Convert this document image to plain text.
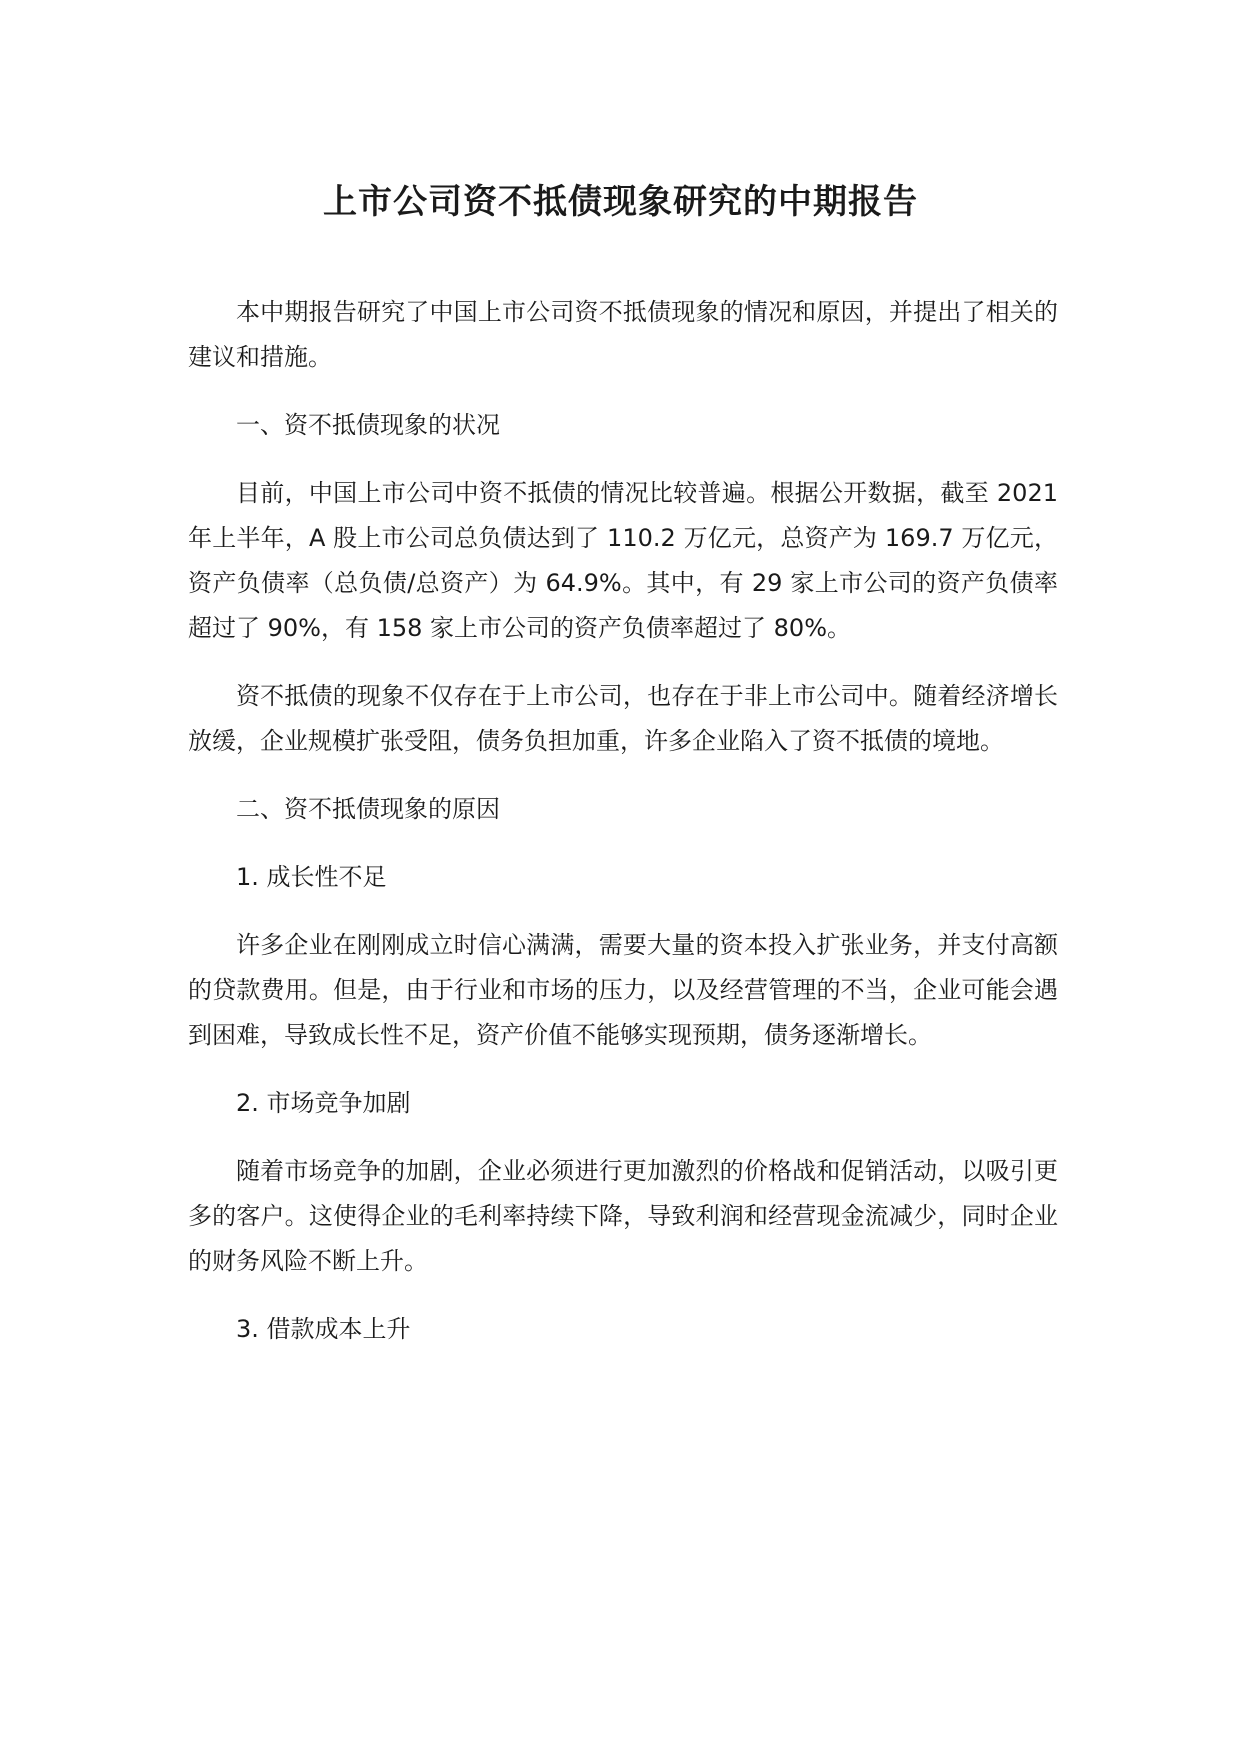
上市公司资不抵债现象研究的中期报告

本中期报告研究了中国上市公司资不抵债现象的情况和原因，并提出了相关的建议和措施。

一、资不抵债现象的状况

目前，中国上市公司中资不抵债的情况比较普遍。根据公开数据，截至 2021 年上半年，A 股上市公司总负债达到了 110.2 万亿元，总资产为 169.7 万亿元，资产负债率（总负债/总资产）为 64.9%。其中，有 29 家上市公司的资产负债率超过了 90%，有 158 家上市公司的资产负债率超过了 80%。

资不抵债的现象不仅存在于上市公司，也存在于非上市公司中。随着经济增长放缓，企业规模扩张受阻，债务负担加重，许多企业陷入了资不抵债的境地。

二、资不抵债现象的原因

1. 成长性不足

许多企业在刚刚成立时信心满满，需要大量的资本投入扩张业务，并支付高额的贷款费用。但是，由于行业和市场的压力，以及经营管理的不当，企业可能会遇到困难，导致成长性不足，资产价值不能够实现预期，债务逐渐增长。

2. 市场竞争加剧

随着市场竞争的加剧，企业必须进行更加激烈的价格战和促销活动，以吸引更多的客户。这使得企业的毛利率持续下降，导致利润和经营现金流减少，同时企业的财务风险不断上升。

3. 借款成本上升
